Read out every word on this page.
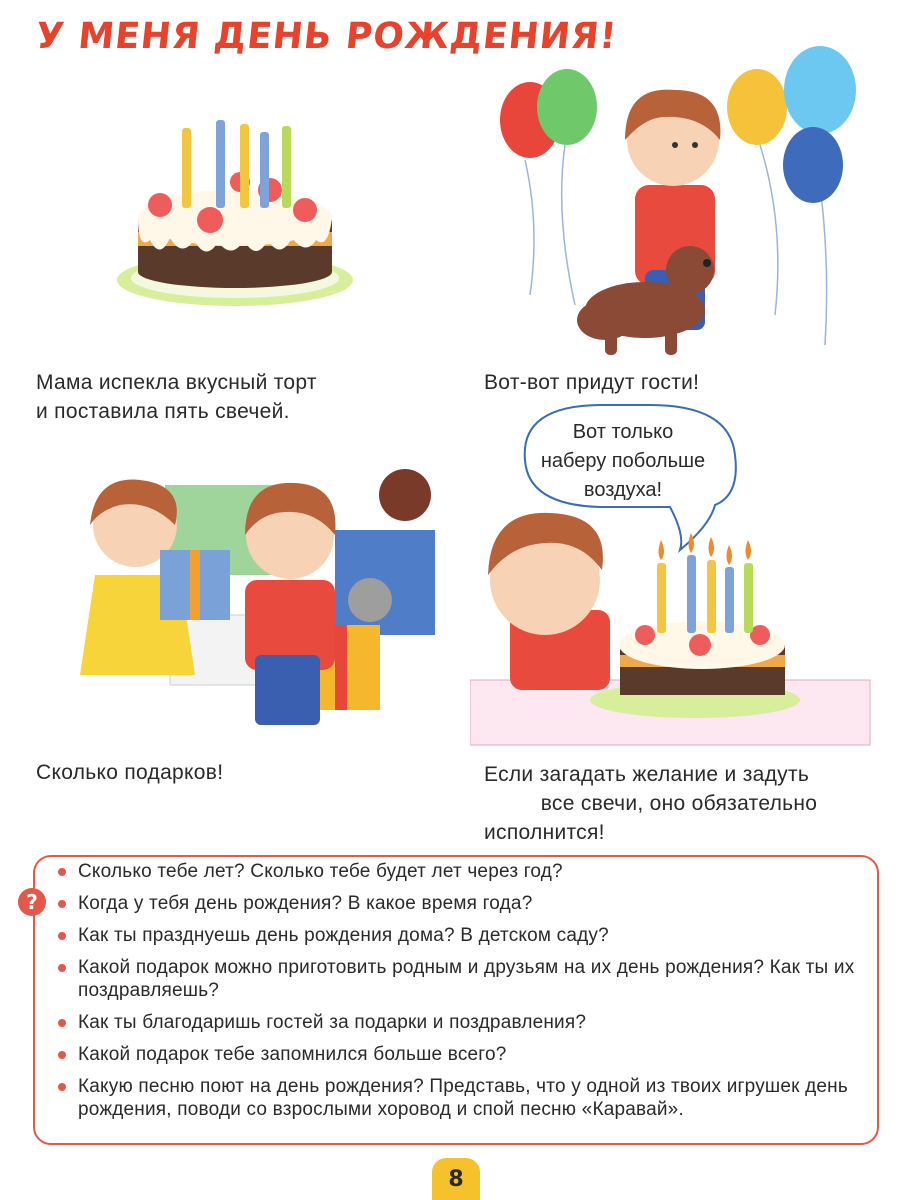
У МЕНЯ ДЕНЬ РОЖДЕНИЯ!
Мама испекла вкусный торт
и поставила пять свечей.
Вот-вот придут гости!
Вот только
наберу побольше
воздуха!
Сколько подарков!	Если загадать желание и задуть
все свечи, оно обязательно
исполнится!
?
Сколько тебе лет? Сколько тебе будет лет через год?
Когда у тебя день рождения? В какое время года?
Как ты празднуешь день рождения дома? В детском саду?
Какой подарок можно приготовить родным и друзьям на их день рождения? Как ты их поздравляешь?
Как ты благодаришь гостей за подарки и поздравления?
Какой подарок тебе запомнился больше всего?
Какую песню поют на день рождения? Представь, что у одной из твоих игрушек день рождения, поводи со взрослыми хоровод и спой песню «Каравай».
8
